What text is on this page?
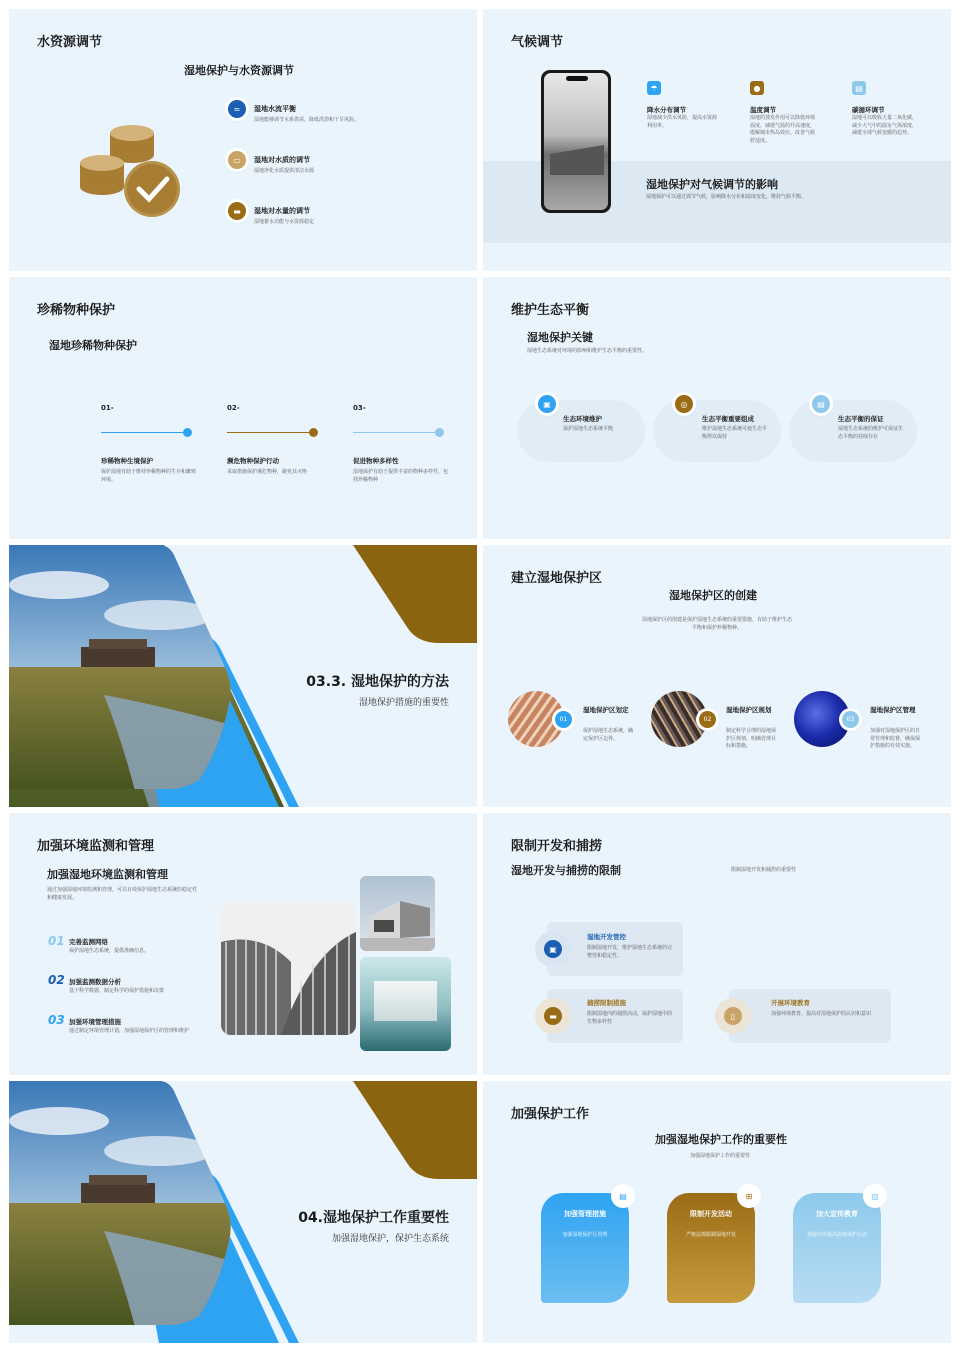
水资源调节
湿地保护与水资源调节
≈	湿地水流平衡
湿地能够调节水系供需，降低洪涝和干旱风险。
▭	湿地对水质的调节
湿地净化水质提供清洁水源
▬	湿地对水量的调节
湿地蓄水功能与水资源稳定
气候调节
☂
降水分布调节
湿地减少洪水风险，提高水资源利用率。
●
温度调节
湿地的蒸发作用可以降低环境温度，减缓气温的升高速度，缓解城市热岛效应，改善气候舒适度。
▤
碳循环调节
湿地可以吸收大量二氧化碳，减少大气中的温室气体浓度，减缓全球气候变暖的趋势。
湿地保护对气候调节的影响
湿地保护可以通过调节气候，影响降水分布和温度变化，维持气候平衡。
珍稀物种保护
湿地珍稀物种保护
01-
珍稀物种生境保护
保护湿地有助于维持珍稀物种的生存和繁殖环境。
02-
濒危物种保护行动
采取措施保护濒危物种，避免其灭绝
03-
促进物种多样性
湿地保护有助于提供丰富的物种多样性，包括珍稀物种
维护生态平衡
湿地保护关键
湿地生态系统对环境的影响和维护生态平衡的重要性。
▣
生态环境维护
保护湿地生态系统平衡
◎
生态平衡重要组成
维护湿地生态系统可使生态平衡得以保持
▤
生态平衡的保证
湿地生态系统的维护可保证生态平衡的持续存在
03.3. 湿地保护的方法
湿地保护措施的重要性
建立湿地保护区
湿地保护区的创建
湿地保护区的创建是保护湿地生态系统的重要措施，有助于维护生态平衡和保护珍稀物种。
01
湿地保护区划定
保护湿地生态系统，确定保护区边界。
02
湿地保护区规划
制定科学合理的湿地保护区规划，明确管理目标和措施。
03
湿地保护区管理
加强对湿地保护区的日常管理和监督，确保保护措施的有效实施。
加强环境监测和管理
加强湿地环境监测和管理
通过加强湿地环境监测和管理，可以有效保护湿地生态系统的稳定性和健康发展。
01 完善监测网络
保护湿地生态系统，提供准确信息。
02 加强监测数据分析
基于科学数据，制定科学的保护措施和决策
03 加强环境管理措施
通过制定环境管理计划，加强湿地保护区的管理和维护
限制开发和捕捞
湿地开发与捕捞的限制	限制湿地开发和捕捞的重要性
▣
湿地开发管控
限制湿地开发，维护湿地生态系统的完整性和稳定性。
▬
捕捞限制措施
限制湿地内的捕捞活动，保护湿地中的生物多样性
▯
开展环境教育
加强环境教育，提高对湿地保护的认识和意识
04.湿地保护工作重要性
加强湿地保护，保护生态系统
加强保护工作
加强湿地保护工作的重要性
加强湿地保护工作的重要性
▤
加强管理措施
加强湿地保护区管理
⊞
限制开发活动
严格法规限制湿地开发
▨
加大宣传教育
加强宣传提高湿地保护认识
